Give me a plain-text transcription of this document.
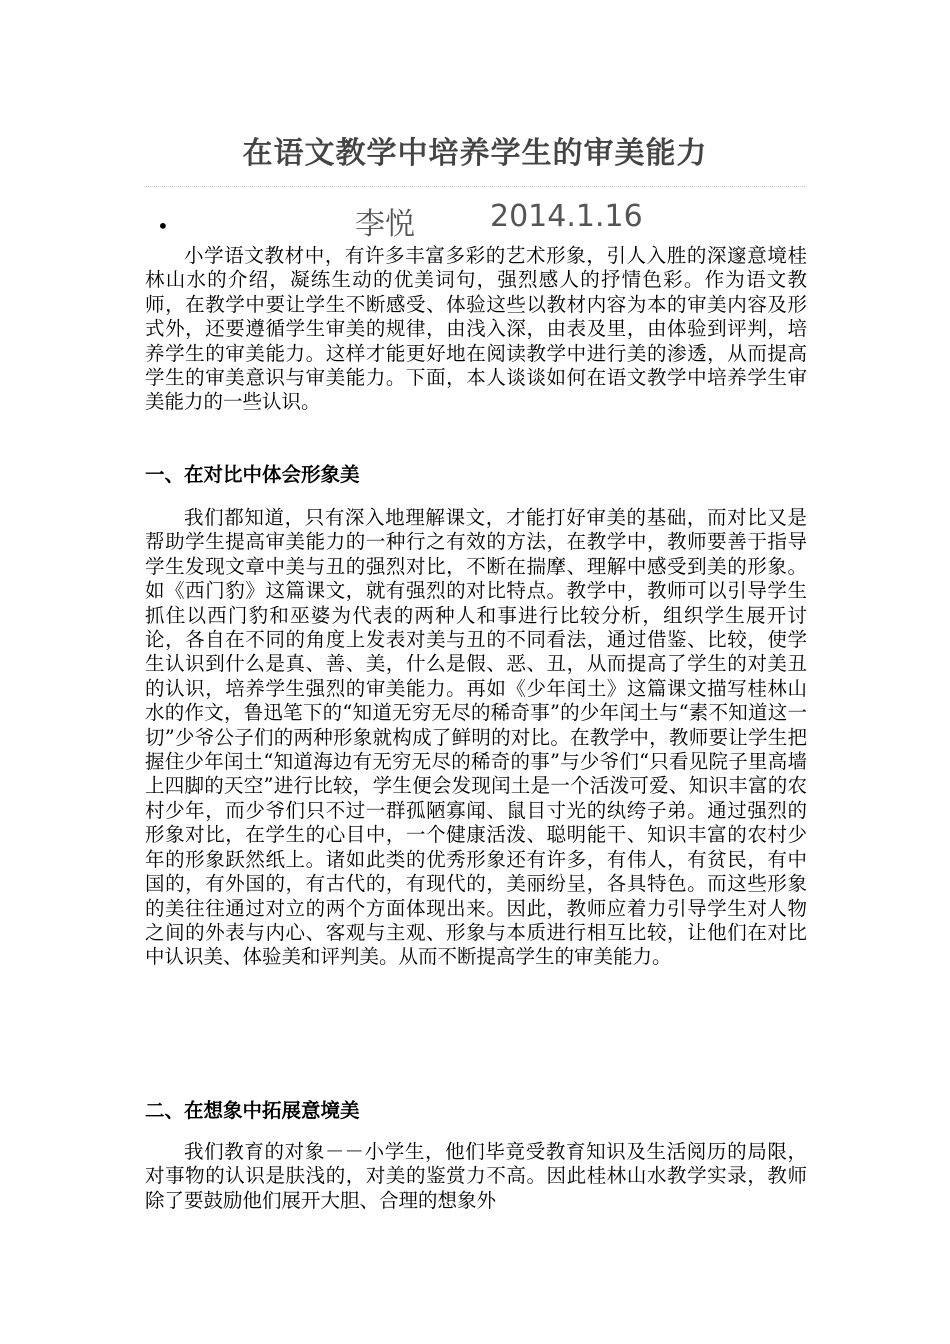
在语文教学中培养学生的审美能力
•	李悦	2014.1.16

小学语文教材中，有许多丰富多彩的艺术形象，引人入胜的深邃意境桂林山水的介绍，凝练生动的优美词句，强烈感人的抒情色彩。作为语文教师，在教学中要让学生不断感受、体验这些以教材内容为本的审美内容及形式外，还要遵循学生审美的规律，由浅入深，由表及里，由体验到评判，培养学生的审美能力。这样才能更好地在阅读教学中进行美的渗透，从而提高学生的审美意识与审美能力。下面，本人谈谈如何在语文教学中培养学生审美能力的一些认识。

一、在对比中体会形象美

我们都知道，只有深入地理解课文，才能打好审美的基础，而对比又是帮助学生提高审美能力的一种行之有效的方法，在教学中，教师要善于指导学生发现文章中美与丑的强烈对比，不断在揣摩、理解中感受到美的形象。如《西门豹》这篇课文，就有强烈的对比特点。教学中，教师可以引导学生抓住以西门豹和巫婆为代表的两种人和事进行比较分析，组织学生展开讨论，各自在不同的角度上发表对美与丑的不同看法，通过借鉴、比较，使学生认识到什么是真、善、美，什么是假、恶、丑，从而提高了学生的对美丑的认识，培养学生强烈的审美能力。再如《少年闰土》这篇课文描写桂林山水的作文，鲁迅笔下的“知道无穷无尽的稀奇事”的少年闰土与“素不知道这一切”少爷公子们的两种形象就构成了鲜明的对比。在教学中，教师要让学生把握住少年闰土“知道海边有无穷无尽的稀奇的事”与少爷们“只看见院子里高墙上四脚的天空”进行比较，学生便会发现闰土是一个活泼可爱、知识丰富的农村少年，而少爷们只不过一群孤陋寡闻、鼠目寸光的纨绔子弟。通过强烈的形象对比，在学生的心目中，一个健康活泼、聪明能干、知识丰富的农村少年的形象跃然纸上。诸如此类的优秀形象还有许多，有伟人，有贫民，有中国的，有外国的，有古代的，有现代的，美丽纷呈，各具特色。而这些形象的美往往通过对立的两个方面体现出来。因此，教师应着力引导学生对人物之间的外表与内心、客观与主观、形象与本质进行相互比较，让他们在对比中认识美、体验美和评判美。从而不断提高学生的审美能力。

二、在想象中拓展意境美

我们教育的对象－－小学生，他们毕竟受教育知识及生活阅历的局限，对事物的认识是肤浅的，对美的鉴赏力不高。因此桂林山水教学实录，教师除了要鼓励他们展开大胆、合理的想象外
